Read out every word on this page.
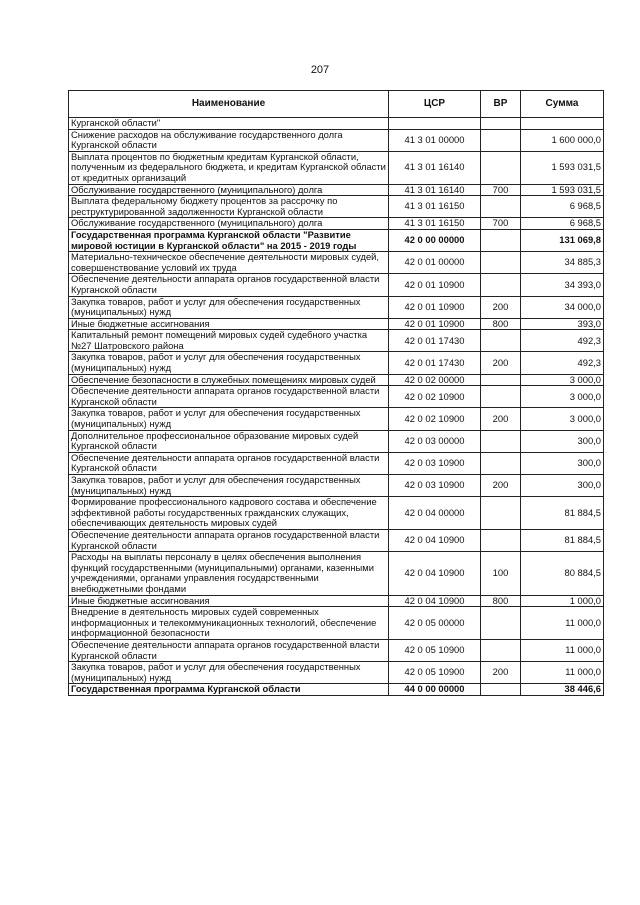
207
Наименование	ЦСР	ВР	Сумма
Курганской области"			
Снижение расходов на обслуживание государственного долга Курганской области	41 3 01 00000		1 600 000,0
Выплата процентов по бюджетным кредитам Курганской области, полученным из федерального бюджета, и кредитам Курганской области от кредитных организаций	41 3 01 16140		1 593 031,5
Обслуживание государственного (муниципального) долга	41 3 01 16140	700	1 593 031,5
Выплата федеральному бюджету процентов за рассрочку по реструктурированной задолженности Курганской области	41 3 01 16150		6 968,5
Обслуживание государственного (муниципального) долга	41 3 01 16150	700	6 968,5
Государственная программа Курганской области "Развитие мировой юстиции в Курганской области" на 2015 - 2019 годы	42 0 00 00000		131 069,8
Материально-техническое обеспечение деятельности мировых судей, совершенствование условий их труда	42 0 01 00000		34 885,3
Обеспечение деятельности аппарата органов государственной власти Курганской области	42 0 01 10900		34 393,0
Закупка товаров, работ и услуг для обеспечения государственных (муниципальных) нужд	42 0 01 10900	200	34 000,0
Иные бюджетные ассигнования	42 0 01 10900	800	393,0
Капитальный ремонт помещений мировых судей судебного участка №27 Шатровского района	42 0 01 17430		492,3
Закупка товаров, работ и услуг для обеспечения государственных (муниципальных) нужд	42 0 01 17430	200	492,3
Обеспечение безопасности в служебных помещениях мировых судей	42 0 02 00000		3 000,0
Обеспечение деятельности аппарата органов государственной власти Курганской области	42 0 02 10900		3 000,0
Закупка товаров, работ и услуг для обеспечения государственных (муниципальных) нужд	42 0 02 10900	200	3 000,0
Дополнительное профессиональное образование мировых судей Курганской области	42 0 03 00000		300,0
Обеспечение деятельности аппарата органов государственной власти Курганской области	42 0 03 10900		300,0
Закупка товаров, работ и услуг для обеспечения государственных (муниципальных) нужд	42 0 03 10900	200	300,0
Формирование профессионального кадрового состава и обеспечение эффективной работы государственных гражданских служащих, обеспечивающих деятельность мировых судей	42 0 04 00000		81 884,5
Обеспечение деятельности аппарата органов государственной власти Курганской области	42 0 04 10900		81 884,5
Расходы на выплаты персоналу в целях обеспечения выполнения функций государственными (муниципальными) органами, казенными учреждениями, органами управления государственными внебюджетными фондами	42 0 04 10900	100	80 884,5
Иные бюджетные ассигнования	42 0 04 10900	800	1 000,0
Внедрение в деятельность мировых судей современных информационных и телекоммуникационных технологий, обеспечение информационной безопасности	42 0 05 00000		11 000,0
Обеспечение деятельности аппарата органов государственной власти Курганской области	42 0 05 10900		11 000,0
Закупка товаров, работ и услуг для обеспечения государственных (муниципальных) нужд	42 0 05 10900	200	11 000,0
Государственная программа Курганской области	44 0 00 00000		38 446,6
